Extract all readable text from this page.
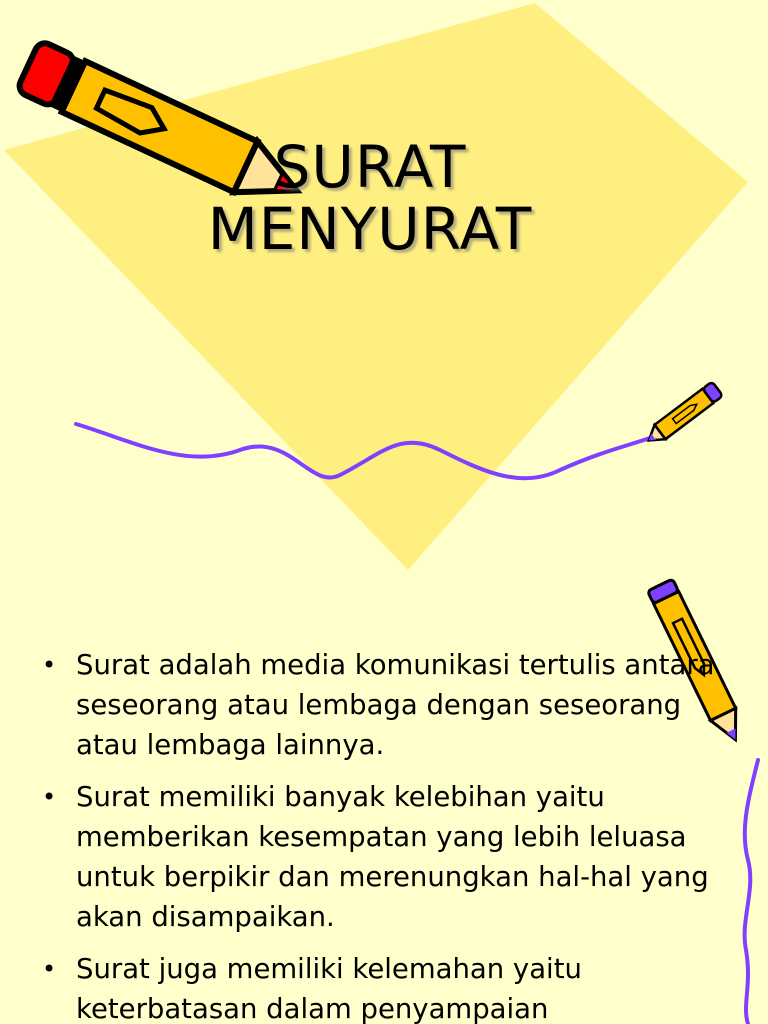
SURAT
MENYURAT
• Surat adalah media komunikasi tertulis antara seseorang atau lembaga dengan seseorang atau lembaga lainnya.
• Surat memiliki banyak kelebihan yaitu memberikan kesempatan yang lebih leluasa untuk berpikir dan merenungkan hal-hal yang akan disampaikan.
• Surat juga memiliki kelemahan yaitu keterbatasan dalam penyampaian
